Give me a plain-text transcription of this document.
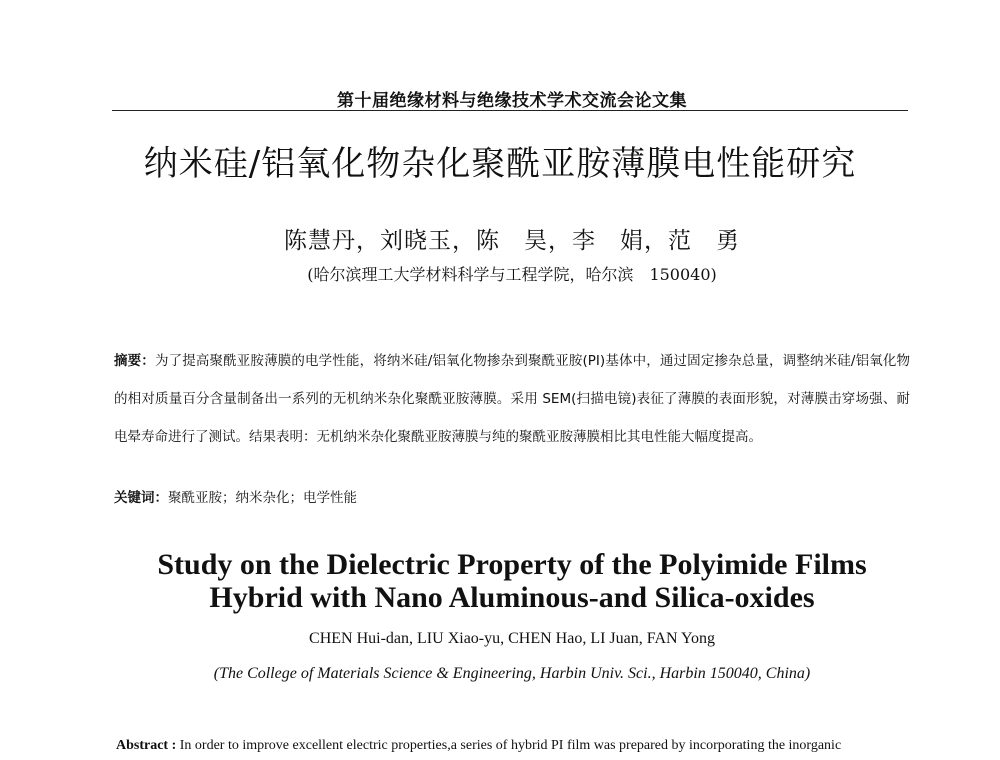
第十届绝缘材料与绝缘技术学术交流会论文集
纳米硅/铝氧化物杂化聚酰亚胺薄膜电性能研究
陈慧丹，刘晓玉，陈　昊，李　娟，范　勇
(哈尔滨理工大学材料科学与工程学院，哈尔滨　150040)
摘要：为了提高聚酰亚胺薄膜的电学性能，将纳米硅/铝氧化物掺杂到聚酰亚胺(PI)基体中，通过固定掺杂总量，调整纳米硅/铝氧化物的相对质量百分含量制备出一系列的无机纳米杂化聚酰亚胺薄膜。采用 SEM(扫描电镜)表征了薄膜的表面形貌，对薄膜击穿场强、耐电晕寿命进行了测试。结果表明：无机纳米杂化聚酰亚胺薄膜与纯的聚酰亚胺薄膜相比其电性能大幅度提高。
关键词：聚酰亚胺；纳米杂化；电学性能
Study on the Dielectric Property of the Polyimide Films
Hybrid with Nano Aluminous-and Silica-oxides
CHEN Hui-dan, LIU Xiao-yu, CHEN Hao, LI Juan, FAN Yong
(The College of Materials Science & Engineering, Harbin Univ. Sci., Harbin 150040, China)
Abstract : In order to improve excellent electric properties,a series of hybrid PI film was prepared by incorporating the inorganic
